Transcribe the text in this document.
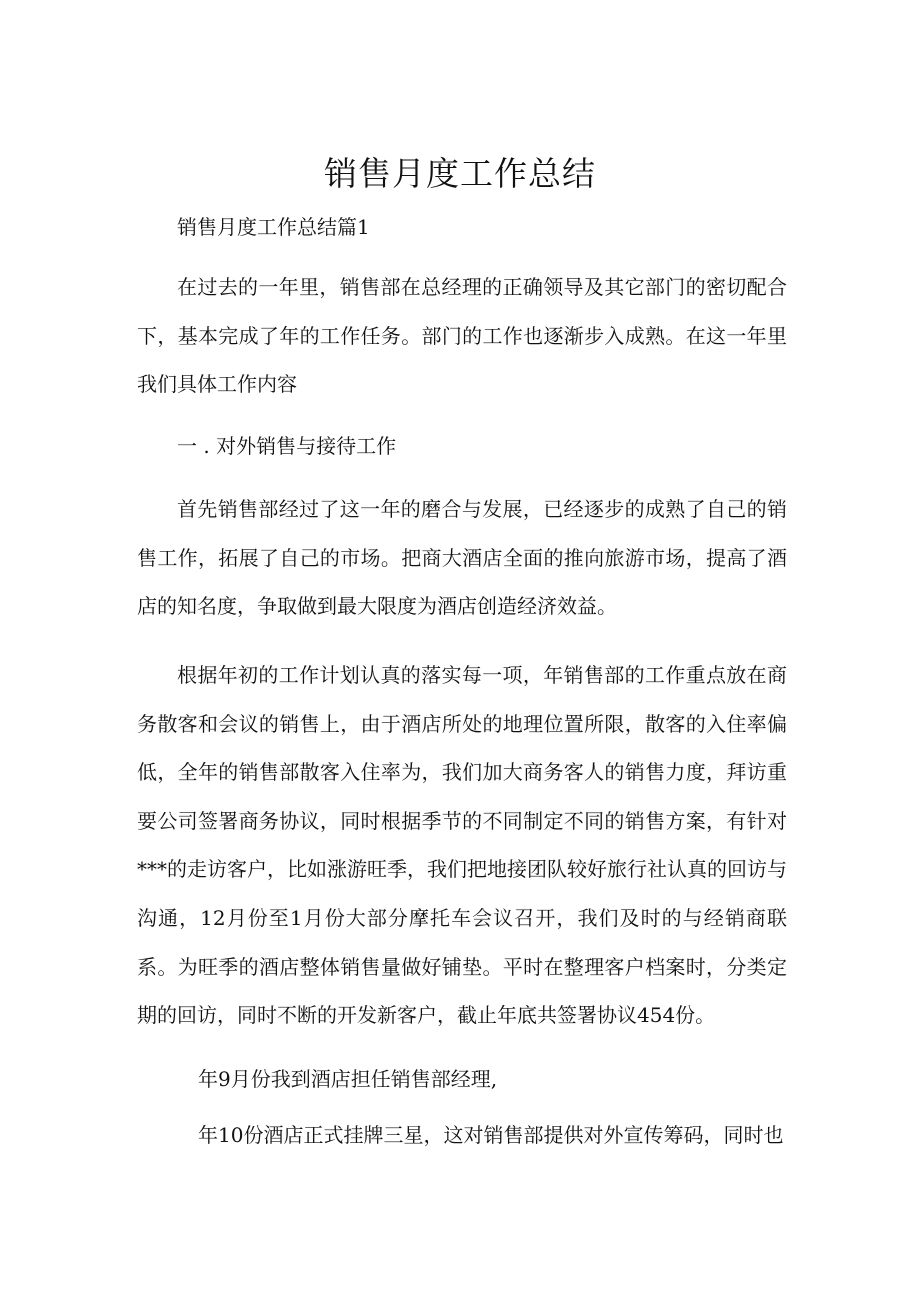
销售月度工作总结

销售月度工作总结篇1

在过去的一年里，销售部在总经理的正确领导及其它部门的密切配合下，基本完成了年的工作任务。部门的工作也逐渐步入成熟。在这一年里我们具体工作内容

一 . 对外销售与接待工作

首先销售部经过了这一年的磨合与发展，已经逐步的成熟了自己的销售工作，拓展了自己的市场。把商大酒店全面的推向旅游市场，提高了酒店的知名度，争取做到最大限度为酒店创造经济效益。

根据年初的工作计划认真的落实每一项，年销售部的工作重点放在商务散客和会议的销售上，由于酒店所处的地理位置所限，散客的入住率偏低，全年的销售部散客入住率为，我们加大商务客人的销售力度，拜访重要公司签署商务协议，同时根据季节的不同制定不同的销售方案，有针对***的走访客户，比如涨游旺季，我们把地接团队较好旅行社认真的回访与沟通，12月份至1月份大部分摩托车会议召开，我们及时的与经销商联系。为旺季的酒店整体销售量做好铺垫。平时在整理客户档案时，分类定期的回访，同时不断的开发新客户，截止年底共签署协议454份。

年9月份我到酒店担任销售部经理,

年10份酒店正式挂牌三星，这对销售部提供对外宣传筹码，同时也
